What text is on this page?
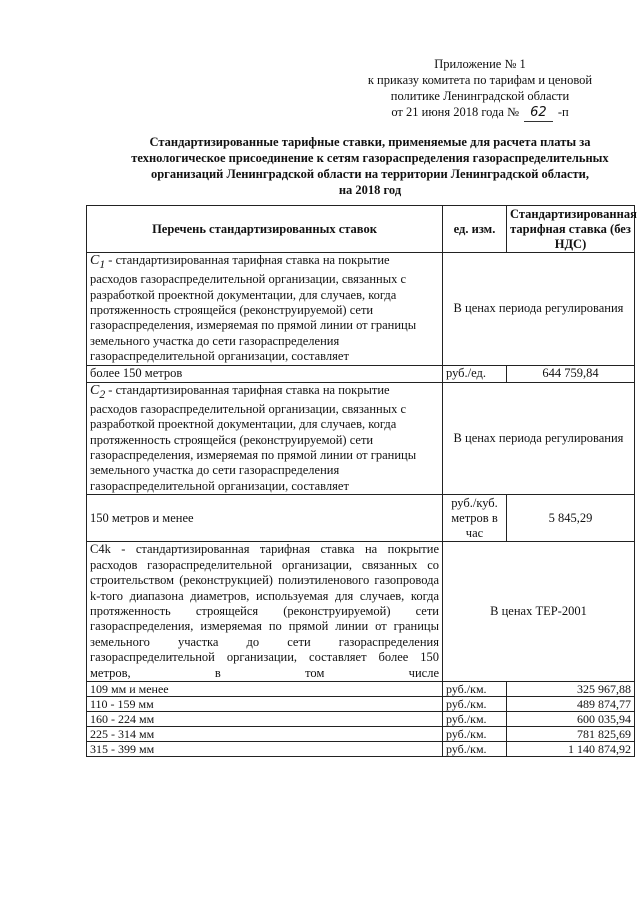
Приложение № 1
к приказу комитета по тарифам и ценовой
политике Ленинградской области
от 21 июня 2018 года № 62 -п
Стандартизированные тарифные ставки, применяемые для расчета платы за
технологическое присоединение к сетям газораспределения газораспределительных
организаций Ленинградской области на территории Ленинградской области,
на 2018 год
Перечень стандартизированных ставок	ед. изм.	Стандартизированная тарифная ставка (без НДС)
$C_1$ - стандартизированная тарифная ставка на покрытие расходов газораспределительной организации, связанных с разработкой проектной документации, для случаев, когда протяженность строящейся (реконструируемой) сети газораспределения, измеряемая по прямой линии от границы земельного участка до сети газораспределения газораспределительной организации, составляет	В ценах периода регулирования	
более 150 метров	руб./ед.	644 759,84
$C_2$ - стандартизированная тарифная ставка на покрытие расходов газораспределительной организации, связанных с разработкой проектной документации, для случаев, когда протяженность строящейся (реконструируемой) сети газораспределения, измеряемая по прямой линии от границы земельного участка до сети газораспределения газораспределительной организации, составляет	В ценах периода регулирования	
150 метров и менее	руб./куб. метров в час	5 845,29
C4k - стандартизированная тарифная ставка на покрытие расходов газораспределительной организации, связанных со строительством (реконструкцией) полиэтиленового газопровода k-того диапазона диаметров, используемая для случаев, когда протяженность строящейся (реконструируемой) сети газораспределения, измеряемая по прямой линии от границы земельного участка до сети газораспределения газораспределительной организации, составляет более 150 метров, в том числе	В ценах ТЕР-2001	
109 мм и менее	руб./км.	325 967,88
110 - 159 мм	руб./км.	489 874,77
160 - 224 мм	руб./км.	600 035,94
225 - 314 мм	руб./км.	781 825,69
315 - 399 мм	руб./км.	1 140 874,92
